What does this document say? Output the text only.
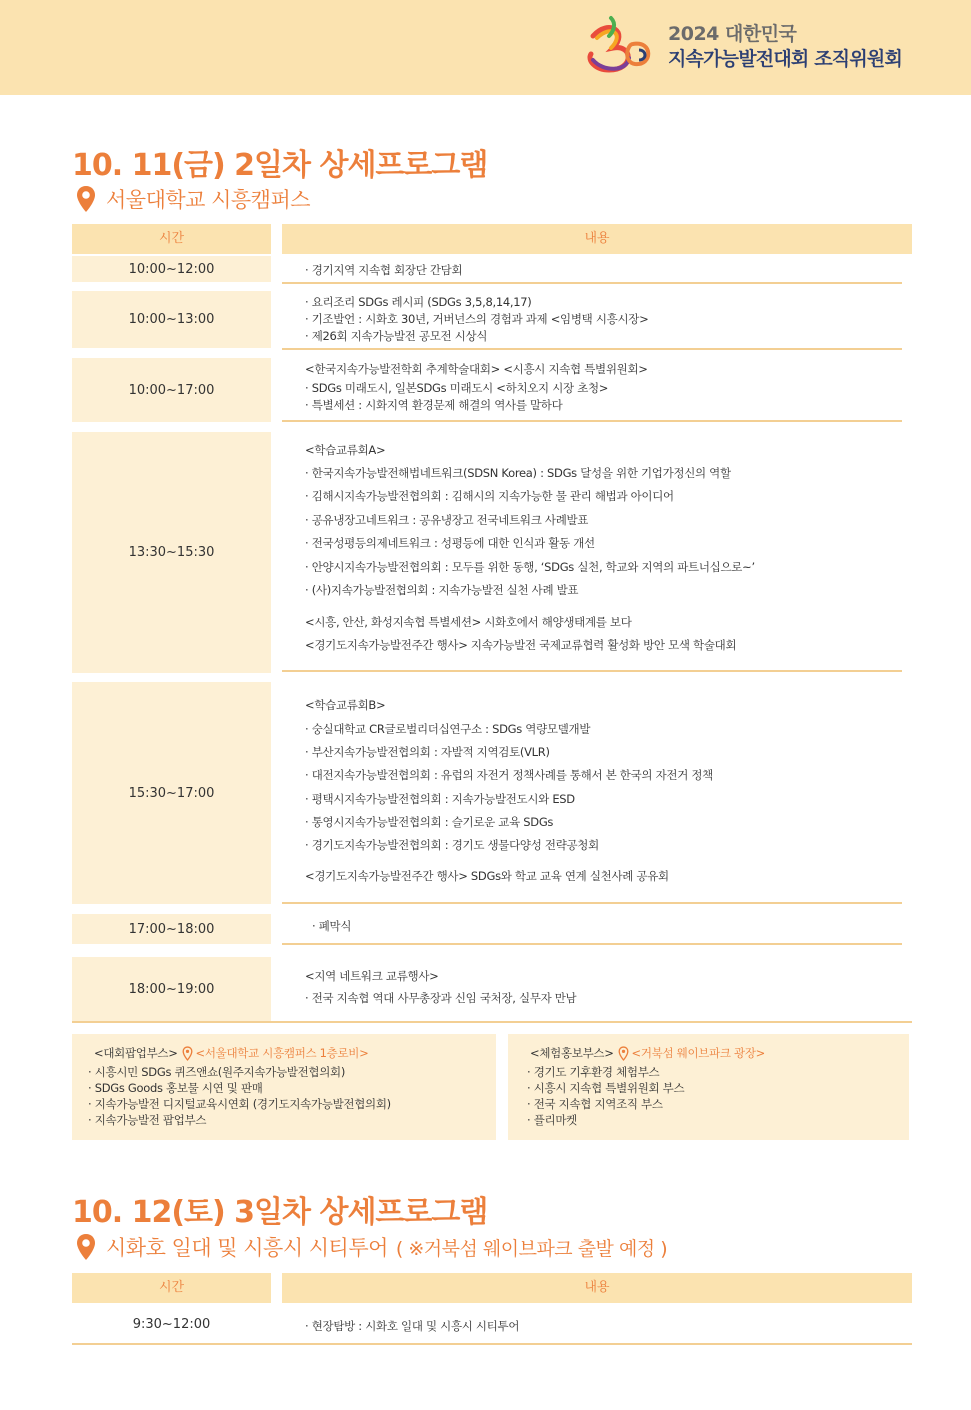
2024 대한민국
지속가능발전대회 조직위원회
10. 11(금) 2일차 상세프로그램
서울대학교 시흥캠퍼스
시간	내용
10:00~12:00	· 경기지역 지속협 회장단 간담회
10:00~13:00
· 요리조리 SDGs 레시피 (SDGs 3,5,8,14,17)
· 기조발언 : 시화호 30년, 거버넌스의 경험과 과제 <임병택 시흥시장>
· 제26회 지속가능발전 공모전 시상식
10:00~17:00
<한국지속가능발전학회 추계학술대회> <시흥시 지속협 특별위원회>
· SDGs 미래도시, 일본SDGs 미래도시 <하치오지 시장 초청>
· 특별세션 : 시화지역 환경문제 해결의 역사를 말하다
13:30~15:30
<학습교류회A>
· 한국지속가능발전해법네트워크(SDSN Korea) : SDGs 달성을 위한 기업가정신의 역할
· 김해시지속가능발전협의회 : 김해시의 지속가능한 물 관리 해법과 아이디어
· 공유냉장고네트워크 : 공유냉장고 전국네트워크 사례발표
· 전국성평등의제네트워크 : 성평등에 대한 인식과 활동 개선
· 안양시지속가능발전협의회 : 모두를 위한 동행, ‘SDGs 실천, 학교와 지역의 파트너십으로~’
· (사)지속가능발전협의회 : 지속가능발전 실천 사례 발표
<시흥, 안산, 화성지속협 특별세션> 시화호에서 해양생태계를 보다
<경기도지속가능발전주간 행사> 지속가능발전 국제교류협력 활성화 방안 모색 학술대회
15:30~17:00
<학습교류회B>
· 숭실대학교 CR글로벌리더십연구소 : SDGs 역량모델개발
· 부산지속가능발전협의회 : 자발적 지역검토(VLR)
· 대전지속가능발전협의회 : 유럽의 자전거 정책사례를 통해서 본 한국의 자전거 정책
· 평택시지속가능발전협의회 : 지속가능발전도시와 ESD
· 통영시지속가능발전협의회 : 슬기로운 교육 SDGs
· 경기도지속가능발전협의회 : 경기도 생물다양성 전략공청회
<경기도지속가능발전주간 행사> SDGs와 학교 교육 연계 실천사례 공유회
17:00~18:00	· 폐막식
18:00~19:00
<지역 네트워크 교류행사>
· 전국 지속협 역대 사무총장과 신임 국처장, 실무자 만남
<대회팝업부스> <서울대학교 시흥캠퍼스 1층로비>
· 시흥시민 SDGs 퀴즈앤쇼(원주지속가능발전협의회)
· SDGs Goods 홍보물 시연 및 판매
· 지속가능발전 디지털교육시연회 (경기도지속가능발전협의회)
· 지속가능발전 팝업부스
<체험홍보부스> <거북섬 웨이브파크 광장>
· 경기도 기후환경 체험부스
· 시흥시 지속협 특별위원회 부스
· 전국 지속협 지역조직 부스
· 플리마켓
10. 12(토) 3일차 상세프로그램
시화호 일대 및 시흥시 시티투어 ( ※거북섬 웨이브파크 출발 예정 )
시간	내용
9:30~12:00	· 현장탐방 : 시화호 일대 및 시흥시 시티투어
